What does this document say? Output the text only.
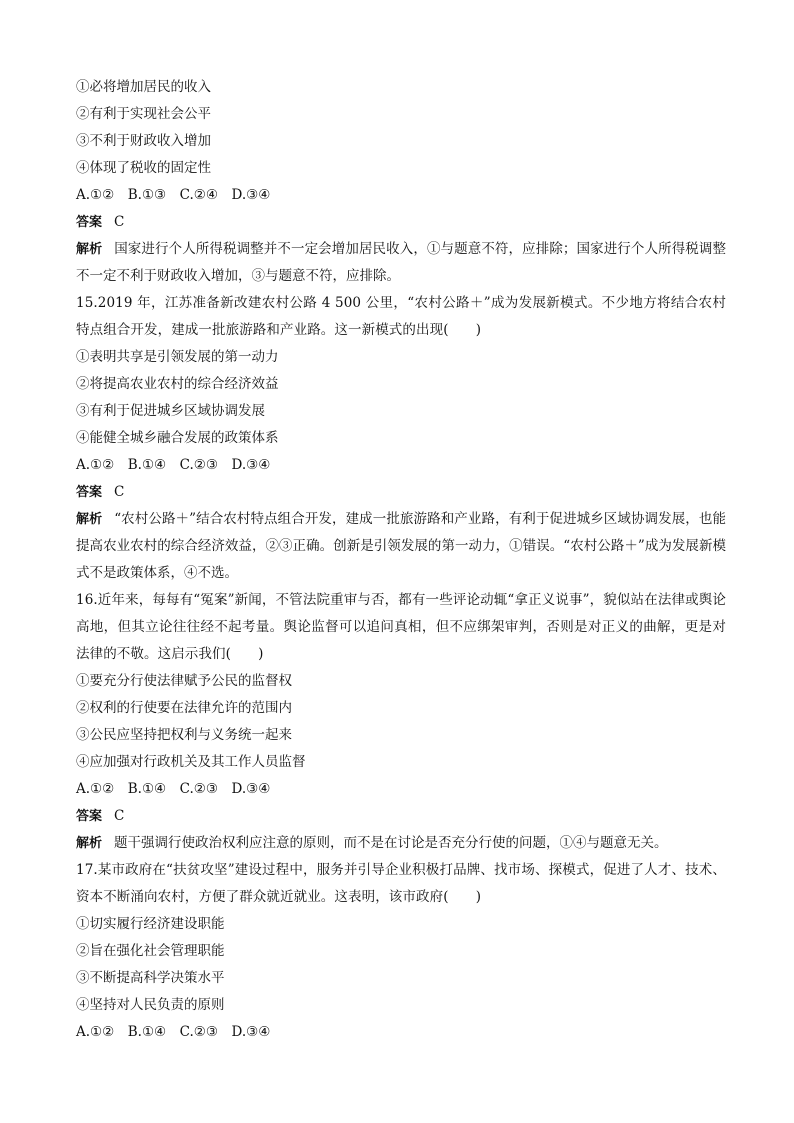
①必将增加居民的收入
②有利于实现社会公平
③不利于财政收入增加
④体现了税收的固定性
A.①②　B.①③　C.②④　D.③④
答案 C
解析 国家进行个人所得税调整并不一定会增加居民收入，①与题意不符，应排除；国家进行个人所得税调整不一定不利于财政收入增加，③与题意不符，应排除。
15.2019 年，江苏准备新改建农村公路 4 500 公里，“农村公路＋”成为发展新模式。不少地方将结合农村特点组合开发，建成一批旅游路和产业路。这一新模式的出现(　　)
①表明共享是引领发展的第一动力
②将提高农业农村的综合经济效益
③有利于促进城乡区域协调发展
④能健全城乡融合发展的政策体系
A.①②　B.①④　C.②③　D.③④
答案 C
解析 “农村公路＋”结合农村特点组合开发，建成一批旅游路和产业路，有利于促进城乡区域协调发展，也能提高农业农村的综合经济效益，②③正确。创新是引领发展的第一动力，①错误。“农村公路＋”成为发展新模式不是政策体系，④不选。
16.近年来，每每有“冤案”新闻，不管法院重审与否，都有一些评论动辄“拿正义说事”，貌似站在法律或舆论高地，但其立论往往经不起考量。舆论监督可以追问真相，但不应绑架审判，否则是对正义的曲解，更是对法律的不敬。这启示我们(　　)
①要充分行使法律赋予公民的监督权
②权利的行使要在法律允许的范围内
③公民应坚持把权利与义务统一起来
④应加强对行政机关及其工作人员监督
A.①②　B.①④　C.②③　D.③④
答案 C
解析 题干强调行使政治权利应注意的原则，而不是在讨论是否充分行使的问题，①④与题意无关。
17.某市政府在“扶贫攻坚”建设过程中，服务并引导企业积极打品牌、找市场、探模式，促进了人才、技术、资本不断涌向农村，方便了群众就近就业。这表明，该市政府(　　)
①切实履行经济建设职能
②旨在强化社会管理职能
③不断提高科学决策水平
④坚持对人民负责的原则
A.①②　B.①④　C.②③　D.③④
